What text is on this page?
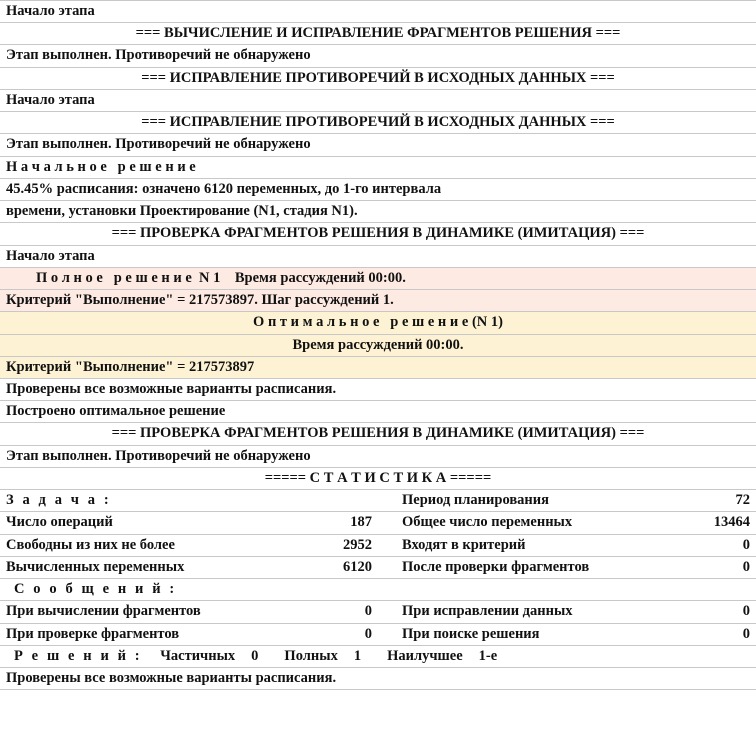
Начало этапа
=== ВЫЧИСЛЕНИЕ И ИСПРАВЛЕНИЕ ФРАГМЕНТОВ РЕШЕНИЯ ===
Этап выполнен. Противоречий не обнаружено
=== ИСПРАВЛЕНИЕ ПРОТИВОРЕЧИЙ В ИСХОДНЫХ ДАННЫХ ===
Начало этапа
=== ИСПРАВЛЕНИЕ ПРОТИВОРЕЧИЙ В ИСХОДНЫХ ДАННЫХ ===
Этап выполнен. Противоречий не обнаружено
Н а ч а л ь н о е   р е ш е н и е
45.45% расписания: означено 6120 переменных, до 1-го интервала
времени, установки Проектирование (N1, стадия N1).
=== ПРОВЕРКА ФРАГМЕНТОВ РЕШЕНИЯ В ДИНАМИКЕ (ИМИТАЦИЯ) ===
Начало этапа
П о л н о е   р е ш е н и е  N 1    Время рассуждений 00:00.
Критерий "Выполнение" = 217573897. Шаг рассуждений 1.
О п т и м а л ь н о е   р е ш е н и е (N 1)
Время рассуждений 00:00.
Критерий "Выполнение" = 217573897
Проверены все возможные варианты расписания.
Построено оптимальное решение
=== ПРОВЕРКА ФРАГМЕНТОВ РЕШЕНИЯ В ДИНАМИКЕ (ИМИТАЦИЯ) ===
Этап выполнен. Противоречий не обнаружено
===== С Т А Т И С Т И К А =====
З а д а ч а :	Период планирования	72
Число операций	187	Общее число переменных	13464
Свободны из них не более	2952	Входят в критерий	0
Вычисленных переменных	6120	После проверки фрагментов	0
С о о б щ е н и й :
При вычислении фрагментов	0	При исправлении данных	0
При проверке фрагментов	0	При поиске решения	0
Р е ш е н и й :	Частичных	0	Полных	1	Наилучшее	1-е
Проверены все возможные варианты расписания.
